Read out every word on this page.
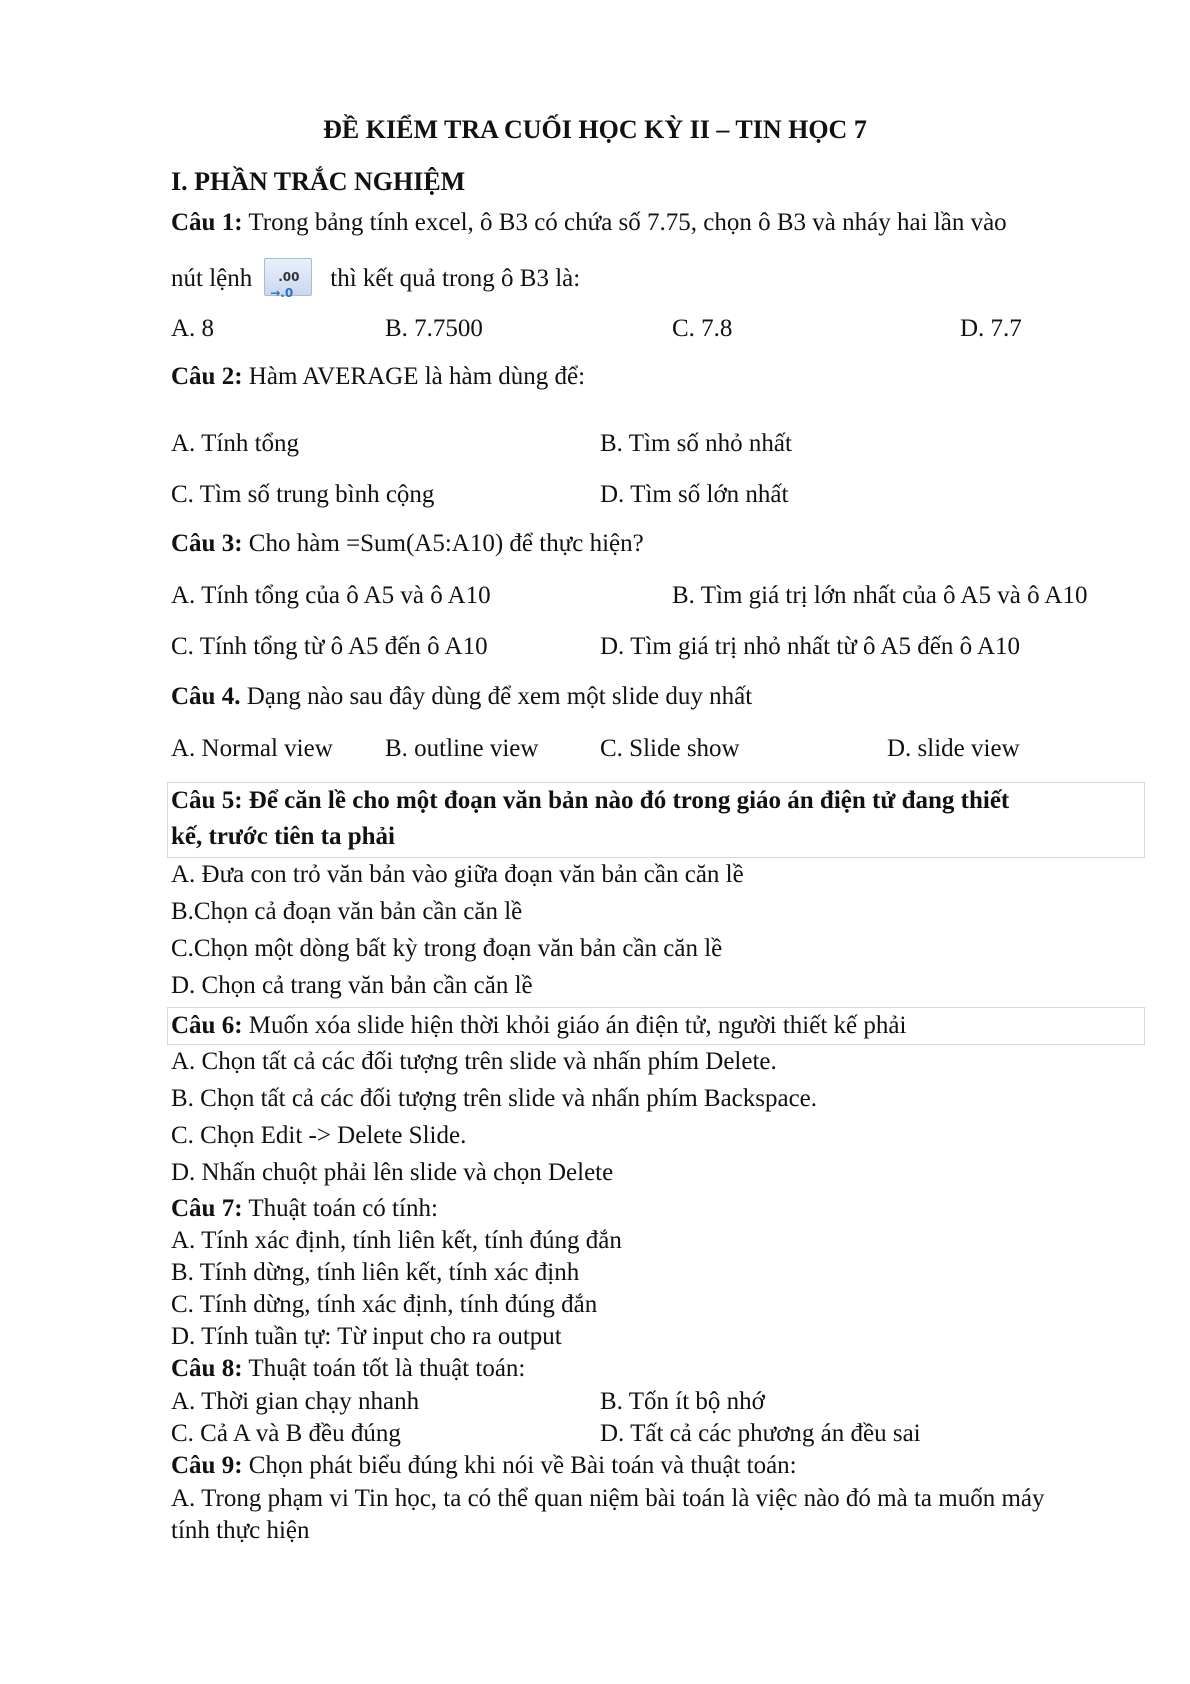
ĐỀ KIỂM TRA CUỐI HỌC KỲ II – TIN HỌC 7
I. PHẦN TRẮC NGHIỆM
Câu 1: Trong bảng tính excel, ô B3 có chứa số 7.75, chọn ô B3 và nháy hai lần vào
nút lệnh .00
→.0
thì kết quả trong ô B3 là:
A. 8	B. 7.7500	C. 7.8	D. 7.7
Câu 2: Hàm AVERAGE là hàm dùng để:
A. Tính tổng	B. Tìm số nhỏ nhất
C. Tìm số trung bình cộng	D. Tìm số lớn nhất
Câu 3: Cho hàm =Sum(A5:A10) để thực hiện?
A. Tính tổng của ô A5 và ô A10	B. Tìm giá trị lớn nhất của ô A5 và ô A10
C. Tính tổng từ ô A5 đến ô A10	D. Tìm giá trị nhỏ nhất từ ô A5 đến ô A10
Câu 4. Dạng nào sau đây dùng để xem một slide duy nhất
A. Normal view B. outline view C. Slide show	D. slide view
Câu 5: Để căn lề cho một đoạn văn bản nào đó trong giáo án điện tử đang thiết
kế, trước tiên ta phải
A. Đưa con trỏ văn bản vào giữa đoạn văn bản cần căn lề
B.Chọn cả đoạn văn bản cần căn lề
C.Chọn một dòng bất kỳ trong đoạn văn bản cần căn lề
D. Chọn cả trang văn bản cần căn lề
Câu 6: Muốn xóa slide hiện thời khỏi giáo án điện tử, người thiết kế phải
A. Chọn tất cả các đối tượng trên slide và nhấn phím Delete.
B. Chọn tất cả các đối tượng trên slide và nhấn phím Backspace.
C. Chọn Edit -> Delete Slide.
D. Nhấn chuột phải lên slide và chọn Delete
Câu 7: Thuật toán có tính:
A. Tính xác định, tính liên kết, tính đúng đắn
B. Tính dừng, tính liên kết, tính xác định
C. Tính dừng, tính xác định, tính đúng đắn
D. Tính tuần tự: Từ input cho ra output
Câu 8: Thuật toán tốt là thuật toán:
A. Thời gian chạy nhanh	B. Tốn ít bộ nhớ
C. Cả A và B đều đúng	D. Tất cả các phương án đều sai
Câu 9: Chọn phát biểu đúng khi nói về Bài toán và thuật toán:
A. Trong phạm vi Tin học, ta có thể quan niệm bài toán là việc nào đó mà ta muốn máy
tính thực hiện
